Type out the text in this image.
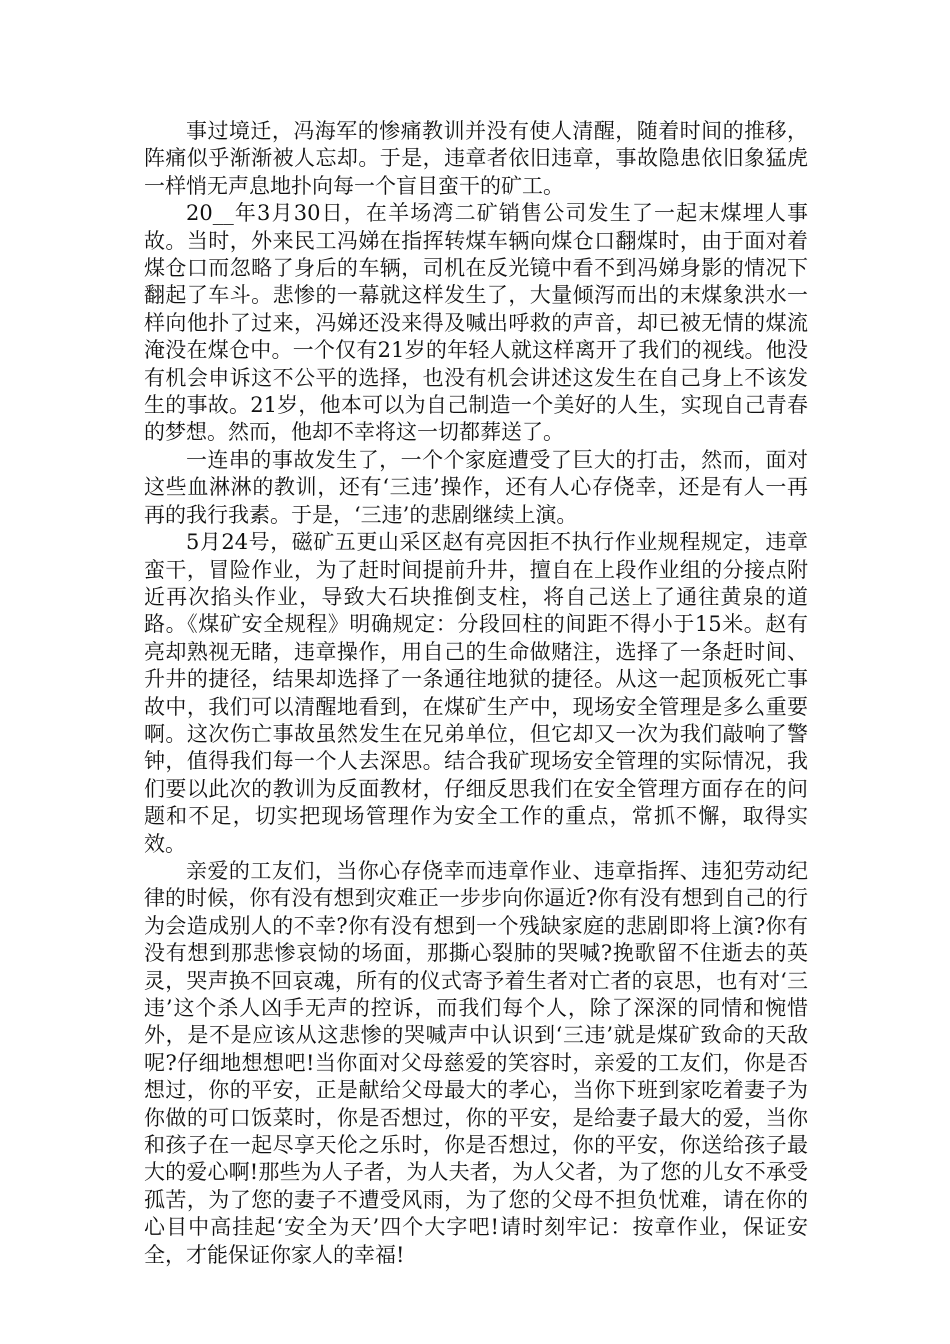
事过境迁，冯海军的惨痛教训并没有使人清醒，随着时间的推移，阵痛似乎渐渐被人忘却。于是，违章者依旧违章，事故隐患依旧象猛虎一样悄无声息地扑向每一个盲目蛮干的矿工。

20__年3月30日，在羊场湾二矿销售公司发生了一起末煤埋人事故。当时，外来民工冯娣在指挥转煤车辆向煤仓口翻煤时，由于面对着煤仓口而忽略了身后的车辆，司机在反光镜中看不到冯娣身影的情况下翻起了车斗。悲惨的一幕就这样发生了，大量倾泻而出的末煤象洪水一样向他扑了过来，冯娣还没来得及喊出呼救的声音，却已被无情的煤流淹没在煤仓中。一个仅有21岁的年轻人就这样离开了我们的视线。他没有机会申诉这不公平的选择，也没有机会讲述这发生在自己身上不该发生的事故。21岁，他本可以为自己制造一个美好的人生，实现自己青春的梦想。然而，他却不幸将这一切都葬送了。

一连串的事故发生了，一个个家庭遭受了巨大的打击，然而，面对这些血淋淋的教训，还有‘三违’操作，还有人心存侥幸，还是有人一再再的我行我素。于是，‘三违’的悲剧继续上演。

5月24号，磁矿五更山采区赵有亮因拒不执行作业规程规定，违章蛮干，冒险作业，为了赶时间提前升井，擅自在上段作业组的分接点附近再次掐头作业，导致大石块推倒支柱，将自己送上了通往黄泉的道路。《煤矿安全规程》明确规定：分段回柱的间距不得小于15米。赵有亮却熟视无睹，违章操作，用自己的生命做赌注，选择了一条赶时间、升井的捷径，结果却选择了一条通往地狱的捷径。从这一起顶板死亡事故中，我们可以清醒地看到，在煤矿生产中，现场安全管理是多么重要啊。这次伤亡事故虽然发生在兄弟单位，但它却又一次为我们敲响了警钟，值得我们每一个人去深思。结合我矿现场安全管理的实际情况，我们要以此次的教训为反面教材，仔细反思我们在安全管理方面存在的问题和不足，切实把现场管理作为安全工作的重点，常抓不懈，取得实效。

亲爱的工友们，当你心存侥幸而违章作业、违章指挥、违犯劳动纪律的时候，你有没有想到灾难正一步步向你逼近?你有没有想到自己的行为会造成别人的不幸?你有没有想到一个残缺家庭的悲剧即将上演?你有没有想到那悲惨哀恸的场面，那撕心裂肺的哭喊?挽歌留不住逝去的英灵，哭声换不回哀魂，所有的仪式寄予着生者对亡者的哀思，也有对‘三违’这个杀人凶手无声的控诉，而我们每个人，除了深深的同情和惋惜外，是不是应该从这悲惨的哭喊声中认识到‘三违’就是煤矿致命的天敌呢?仔细地想想吧!当你面对父母慈爱的笑容时，亲爱的工友们，你是否想过，你的平安，正是献给父母最大的孝心，当你下班到家吃着妻子为你做的可口饭菜时，你是否想过，你的平安，是给妻子最大的爱，当你和孩子在一起尽享天伦之乐时，你是否想过，你的平安，你送给孩子最大的爱心啊!那些为人子者，为人夫者，为人父者，为了您的儿女不承受孤苦，为了您的妻子不遭受风雨，为了您的父母不担负忧难，请在你的心目中高挂起‘安全为天’四个大字吧!请时刻牢记：按章作业，保证安全，才能保证你家人的幸福!
